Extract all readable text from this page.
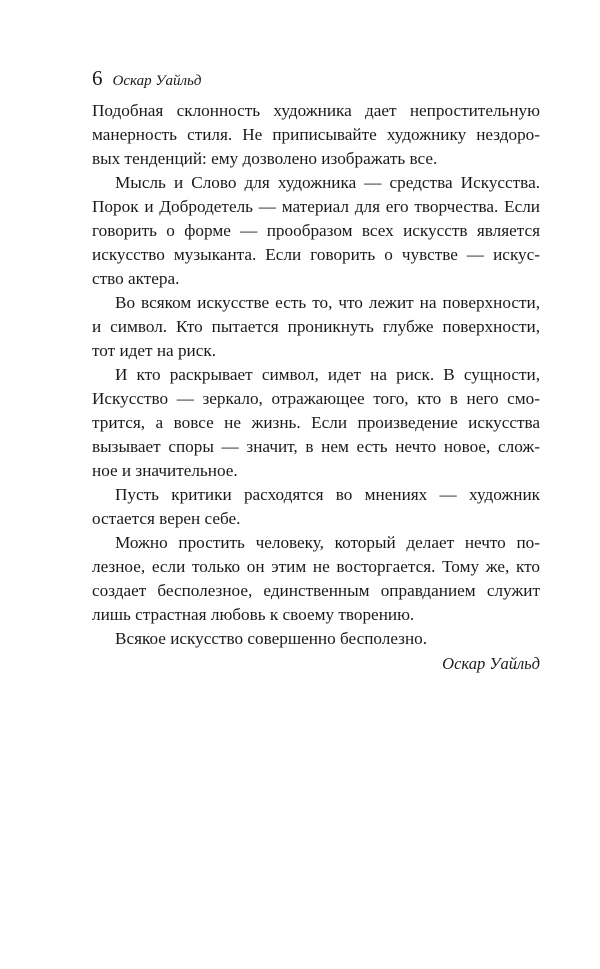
6 Оскар Уайльд
Подобная склонность художника дает непростительную
манерность стиля. Не приписывайте художнику нездоро-
вых тенденций: ему дозволено изображать все.
Мысль и Слово для художника — средства Искусства.
Порок и Добродетель — материал для его творчества. Если
говорить о форме — прообразом всех искусств является
искусство музыканта. Если говорить о чувстве — искус-
ство актера.
Во всяком искусстве есть то, что лежит на поверхности,
и символ. Кто пытается проникнуть глубже поверхности,
тот идет на риск.
И кто раскрывает символ, идет на риск. В сущности,
Искусство — зеркало, отражающее того, кто в него смо-
трится, а вовсе не жизнь. Если произведение искусства
вызывает споры — значит, в нем есть нечто новое, слож-
ное и значительное.
Пусть критики расходятся во мнениях — художник
остается верен себе.
Можно простить человеку, который делает нечто по-
лезное, если только он этим не восторгается. Тому же, кто
создает бесполезное, единственным оправданием служит
лишь страстная любовь к своему творению.
Всякое искусство совершенно бесполезно.
Оскар Уайльд
